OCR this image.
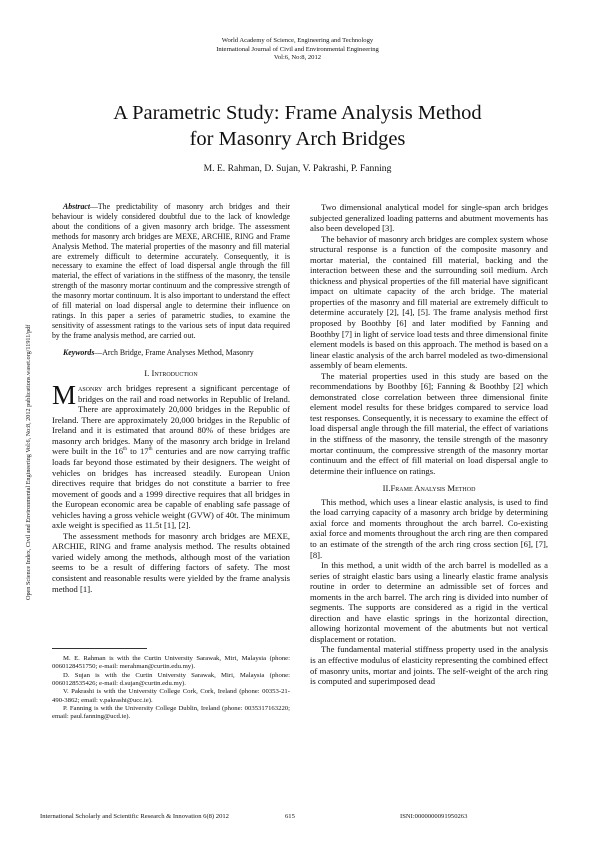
World Academy of Science, Engineering and Technology
International Journal of Civil and Environmental Engineering
Vol:6, No:8, 2012
A Parametric Study: Frame Analysis Method
for Masonry Arch Bridges
M. E. Rahman, D. Sujan, V. Pakrashi, P. Fanning
Open Science Index, Civil and Environmental Engineering Vol:6, No:8, 2012 publications.waset.org/11911/pdf

Abstract—The predictability of masonry arch bridges and their behaviour is widely considered doubtful due to the lack of knowledge about the conditions of a given masonry arch bridge. The assessment methods for masonry arch bridges are MEXE, ARCHIE, RING and Frame Analysis Method. The material properties of the masonry and fill material are extremely difficult to determine accurately. Consequently, it is necessary to examine the effect of load dispersal angle through the fill material, the effect of variations in the stiffness of the masonry, the tensile strength of the masonry mortar continuum and the compressive strength of the masonry mortar continuum. It is also important to understand the effect of fill material on load dispersal angle to determine their influence on ratings. In this paper a series of parametric studies, to examine the sensitivity of assessment ratings to the various sets of input data required by the frame analysis method, are carried out.

Keywords—Arch Bridge, Frame Analyses Method, Masonry

I. Introduction

Masonry arch bridges represent a significant percentage of bridges on the rail and road networks in Republic of Ireland. There are approximately 20,000 bridges in the Republic of Ireland. There are approximately 20,000 bridges in the Republic of Ireland and it is estimated that around 80% of these bridges are masonry arch bridges. Many of the masonry arch bridge in Ireland were built in the 16th to 17th centuries and are now carrying traffic loads far beyond those estimated by their designers. The weight of vehicles on bridges has increased steadily. European Union directives require that bridges do not constitute a barrier to free movement of goods and a 1999 directive requires that all bridges in the European economic area be capable of enabling safe passage of vehicles having a gross vehicle weight (GVW) of 40t. The minimum axle weight is specified as 11.5t [1], [2].

The assessment methods for masonry arch bridges are MEXE, ARCHIE, RING and frame analysis method. The results obtained varied widely among the methods, although most of the variation seems to be a result of differing factors of safety. The most consistent and reasonable results were yielded by the frame analysis method [1].

M. E. Rahman is with the Curtin University Sarawak, Miri, Malaysia (phone: 0060128451750; e-mail: merahman@curtin.edu.my).

D. Sujan is with the Curtin University Sarawak, Miri, Malaysia (phone: 0060128535426; e-mail: d.sujan@curtin.edu.my).

V. Pakrashi is with the University College Cork, Cork, Ireland (phone: 00353-21-490-3862; email: v.pakrashi@ucc.ie).

P. Fanning is with the University College Dublin, Ireland (phone: 0035317163220; email: paul.fanning@ucd.ie).

Two dimensional analytical model for single-span arch bridges subjected generalized loading patterns and abutment movements has also been developed [3].

The behavior of masonry arch bridges are complex system whose structural response is a function of the composite masonry and mortar material, the contained fill material, backing and the interaction between these and the surrounding soil medium. Arch thickness and physical properties of the fill material have significant impact on ultimate capacity of the arch bridge. The material properties of the masonry and fill material are extremely difficult to determine accurately [2], [4], [5]. The frame analysis method first proposed by Boothby [6] and later modified by Fanning and Boothby [7] in light of service load tests and three dimensional finite element models is based on this approach. The method is based on a linear elastic analysis of the arch barrel modeled as two-dimensional assembly of beam elements.

The material properties used in this study are based on the recommendations by Boothby [6]; Fanning & Boothby [2] which demonstrated close correlation between three dimensional finite element model results for these bridges compared to service load test responses. Consequently, it is necessary to examine the effect of load dispersal angle through the fill material, the effect of variations in the stiffness of the masonry, the tensile strength of the masonry mortar continuum, the compressive strength of the masonry mortar continuum and the effect of fill material on load dispersal angle to determine their influence on ratings.

II.Frame Analysis Method

This method, which uses a linear elastic analysis, is used to find the load carrying capacity of a masonry arch bridge by determining axial force and moments throughout the arch barrel. Co-existing axial force and moments throughout the arch ring are then compared to an estimate of the strength of the arch ring cross section [6], [7], [8].

In this method, a unit width of the arch barrel is modelled as a series of straight elastic bars using a linearly elastic frame analysis routine in order to determine an admissible set of forces and moments in the arch barrel. The arch ring is divided into number of segments. The supports are considered as a rigid in the vertical direction and have elastic springs in the horizontal direction, allowing horizontal movement of the abutments but not vertical displacement or rotation.

The fundamental material stiffness property used in the analysis is an effective modulus of elasticity representing the combined effect of masonry units, mortar and joints. The self-weight of the arch ring is computed and superimposed dead

International Scholarly and Scientific Research & Innovation 6(8) 2012	615	ISNI:0000000091950263
